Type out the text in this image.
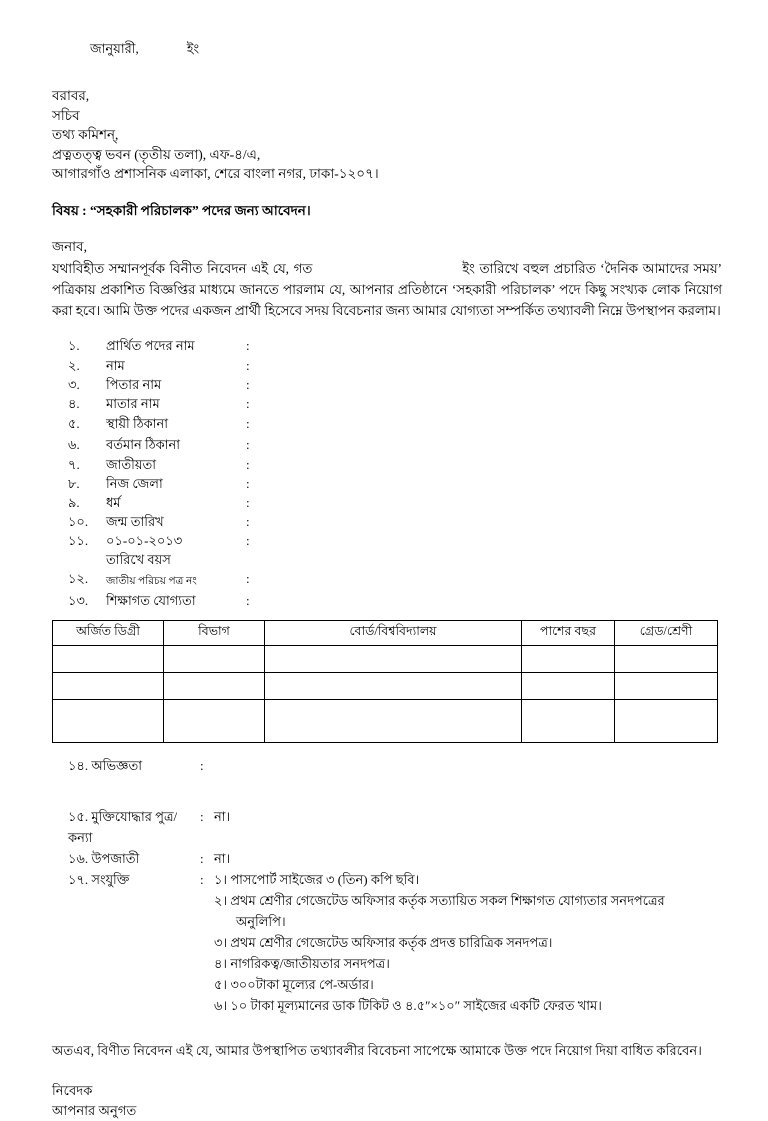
জানুয়ারী,	ইং
বরাবর,
সচিব
তথ্য কমিশন্‌,
প্রত্নতত্ত্ব ভবন (তৃতীয় তলা), এফ-৪/এ,
আগারগাঁও প্রশাসনিক এলাকা, শেরে বাংলা নগর, ঢাকা-১২০৭।
বিষয় : “সহকারী পরিচালক” পদের জন্য আবেদন।
জনাব,
যথাবিহীত সম্মানপূর্বক বিনীত নিবেদন এই যে, গত	ইং তারিখে বহুল প্রচারিত ‘দৈনিক আমাদের সময়’ পত্রিকায় প্রকাশিত বিজ্ঞপ্তির মাধ্যমে জানতে পারলাম যে, আপনার প্রতিষ্ঠানে ‘সহকারী পরিচালক’ পদে কিছু সংখ্যক লোক নিয়োগ করা হবে। আমি উক্ত পদের একজন প্রার্থী হিসেবে সদয় বিবেচনার জন্য আমার যোগ্যতা সম্পর্কিত তথ্যাবলী নিম্নে উপস্থাপন করলাম।
১.	প্রার্থিত পদের নাম	:
২.	নাম	:
৩.	পিতার নাম	:
৪.	মাতার নাম	:
৫.	স্থায়ী ঠিকানা	:
৬.	বর্তমান ঠিকানা	:
৭.	জাতীয়তা	:
৮.	নিজ জেলা	:
৯.	ধর্ম	:
১০.	জন্ম তারিখ	:
১১.	০১-০১-২০১৩	:
তারিখে বয়স
১২.	জাতীয় পরিচয় পত্র নং	:
১৩.	শিক্ষাগত যোগ্যতা	:
অর্জিত ডিগ্রী	বিভাগ	বোর্ড/বিশ্ববিদ্যালয়	পাশের বছর	গ্রেড/শ্রেণী

১৪. অভিজ্ঞতা	:
১৫. মুক্তিযোদ্ধার পুত্র/কন্যা
: না।
১৬. উপজাতী	: না।
১৭. সংযুক্তি	: ১। পাসপোর্ট সাইজের ৩ (তিন) কপি ছবি।
২। প্রথম শ্রেণীর গেজেটেড অফিসার কর্তৃক সত্যায়িত সকল শিক্ষাগত যোগ্যতার সনদপত্রের
অনুলিপি।
৩। প্রথম শ্রেণীর গেজেটেড অফিসার কর্তৃক প্রদত্ত চারিত্রিক সনদপত্র।
৪। নাগরিকত্ব/জাতীয়তার সনদপত্র।
৫। ৩০০টাকা মূল্যের পে-অর্ডার।
৬। ১০ টাকা মূল্যমানের ডাক টিকিট ও ৪.৫″×১০″ সাইজের একটি ফেরত খাম।
অতএব, বিণীত নিবেদন এই যে, আমার উপস্থাপিত তথ্যাবলীর বিবেচনা সাপেক্ষে আমাকে উক্ত পদে নিয়োগ দিয়া বাধিত করিবেন।
নিবেদক
আপনার অনুগত
